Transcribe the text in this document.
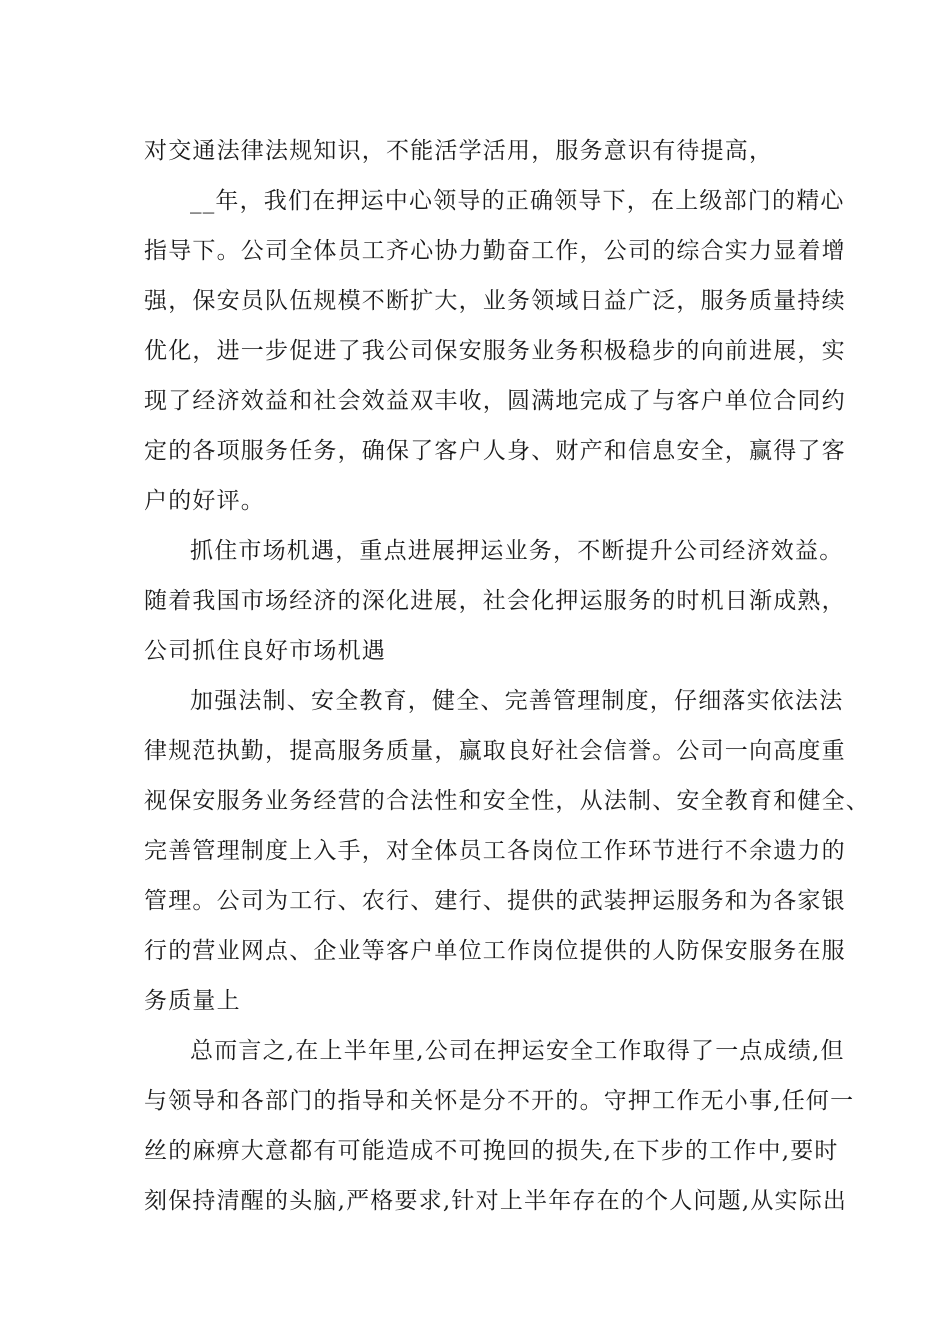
对交通法律法规知识，不能活学活用，服务意识有待提高，
__年，我们在押运中心领导的正确领导下，在上级部门的精心
指导下。公司全体员工齐心协力勤奋工作，公司的综合实力显着增
强，保安员队伍规模不断扩大，业务领域日益广泛，服务质量持续
优化，进一步促进了我公司保安服务业务积极稳步的向前进展，实
现了经济效益和社会效益双丰收，圆满地完成了与客户单位合同约
定的各项服务任务，确保了客户人身、财产和信息安全，赢得了客
户的好评。
抓住市场机遇，重点进展押运业务，不断提升公司经济效益。
随着我国市场经济的深化进展，社会化押运服务的时机日渐成熟，
公司抓住良好市场机遇
加强法制、安全教育，健全、完善管理制度，仔细落实依法法
律规范执勤，提高服务质量，赢取良好社会信誉。公司一向高度重
视保安服务业务经营的合法性和安全性，从法制、安全教育和健全、
完善管理制度上入手，对全体员工各岗位工作环节进行不余遗力的
管理。公司为工行、农行、建行、提供的武装押运服务和为各家银
行的营业网点、企业等客户单位工作岗位提供的人防保安服务在服
务质量上
总而言之,在上半年里,公司在押运安全工作取得了一点成绩,但
与领导和各部门的指导和关怀是分不开的。守押工作无小事,任何一
丝的麻痹大意都有可能造成不可挽回的损失,在下步的工作中,要时
刻保持清醒的头脑,严格要求,针对上半年存在的个人问题,从实际出
